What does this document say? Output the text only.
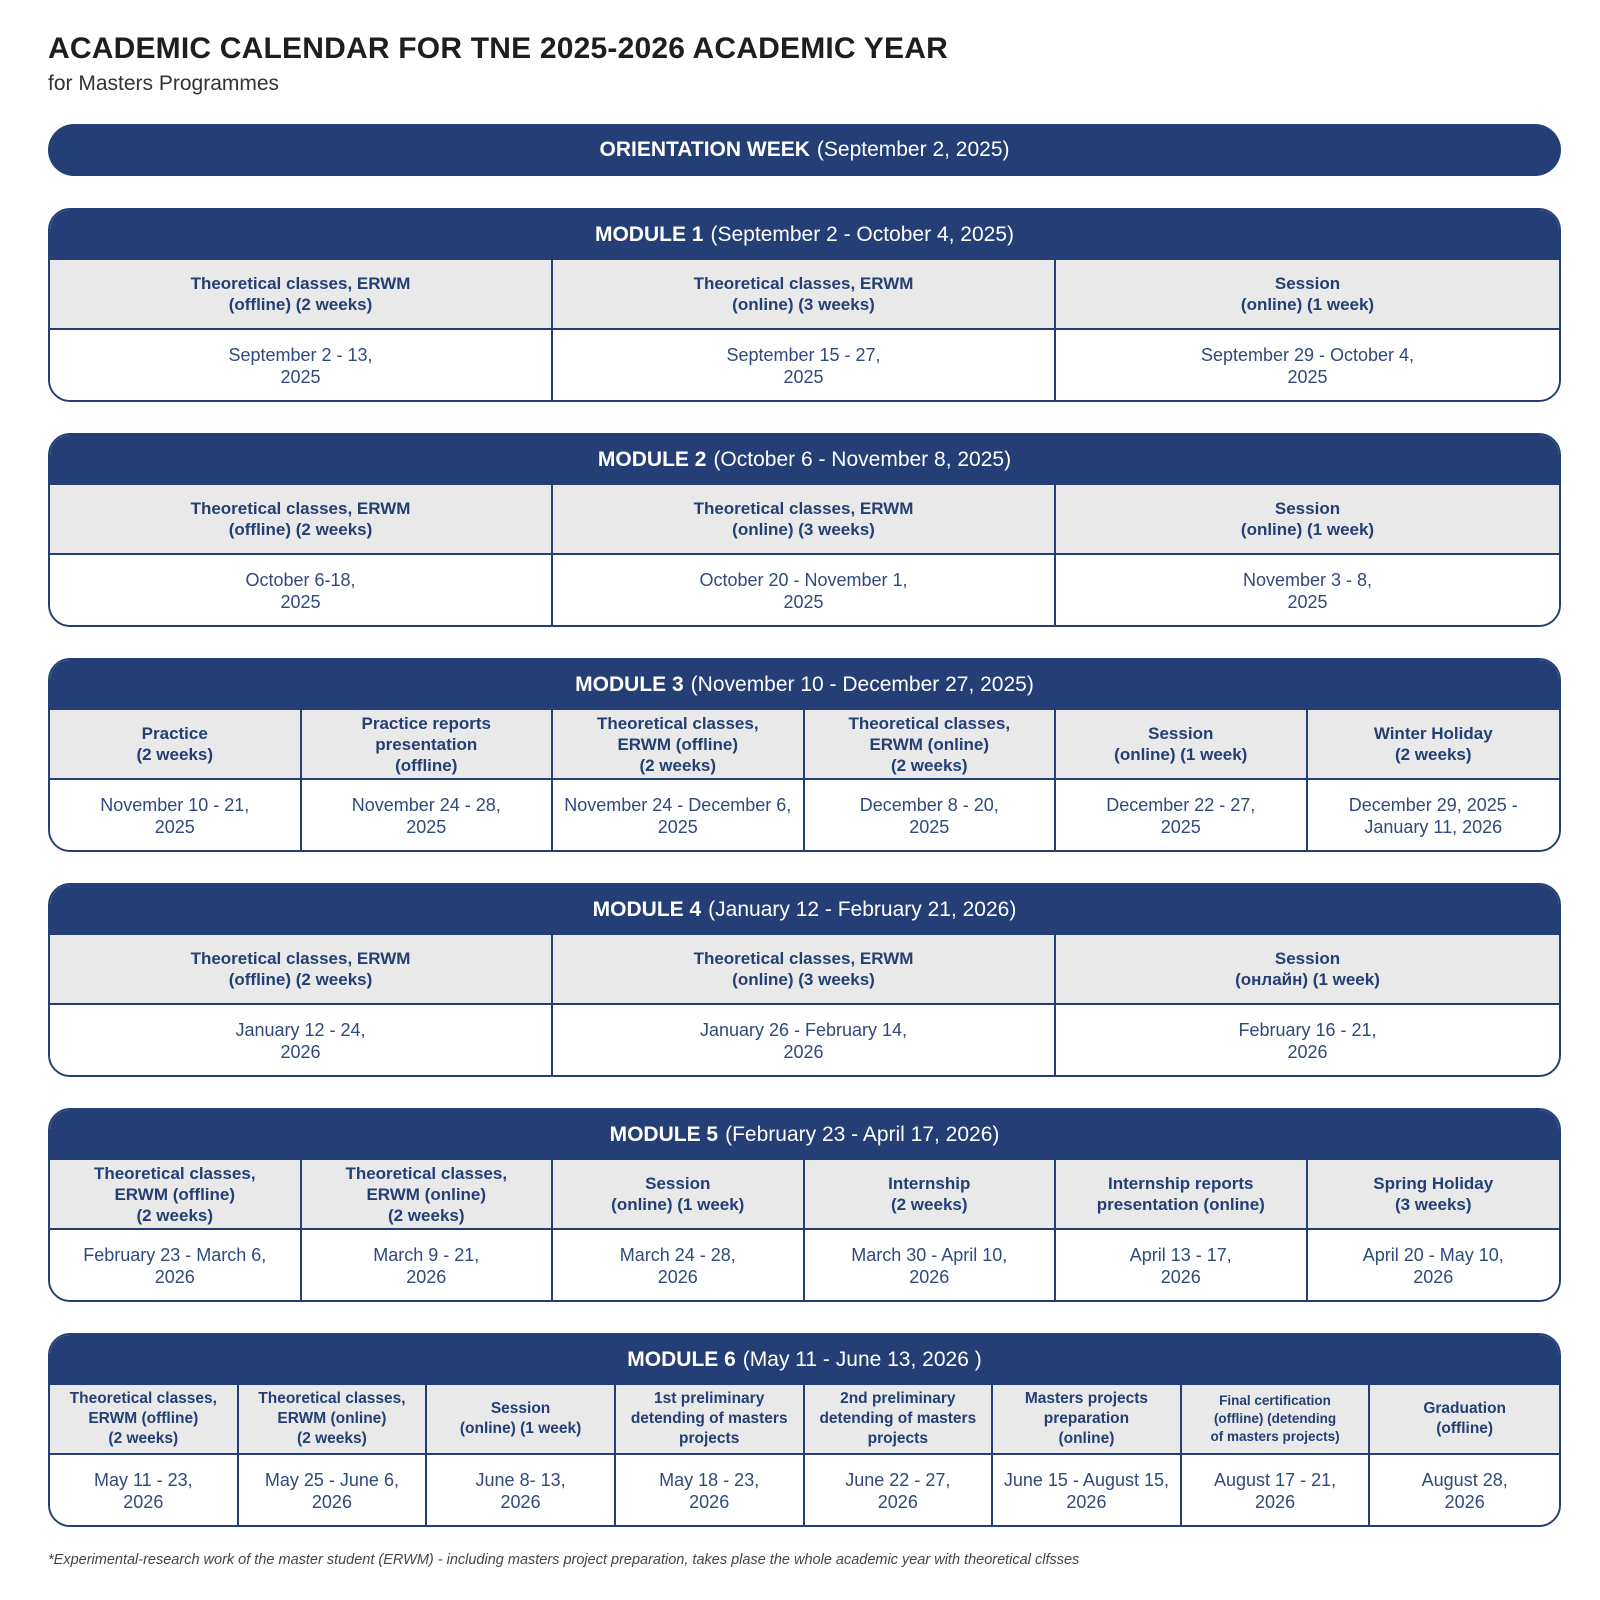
ACADEMIC CALENDAR FOR TNE 2025-2026 ACADEMIC YEAR
for Masters Programmes
ORIENTATION WEEK (September 2, 2025)
MODULE 1 (September 2 - October 4, 2025)
Theoretical classes, ERWM
(offline) (2 weeks)
Theoretical classes, ERWM
(online) (3 weeks)
Session
(online) (1 week)
September 2 - 13,
2025
September 15 - 27,
2025
September 29 - October 4,
2025
MODULE 2 (October 6 - November 8, 2025)
Theoretical classes, ERWM
(offline) (2 weeks)
Theoretical classes, ERWM
(online) (3 weeks)
Session
(online) (1 week)
October 6-18,
2025
October 20 - November 1,
2025
November 3 - 8,
2025
MODULE 3 (November 10 - December 27, 2025)
Practice
(2 weeks)
Practice reports
presentation
(offline)
Theoretical classes,
ERWM (offline)
(2 weeks)
Theoretical classes,
ERWM (online)
(2 weeks)
Session
(online) (1 week)
Winter Holiday
(2 weeks)
November 10 - 21,
2025
November 24 - 28,
2025
November 24 - December 6,
2025
December 8 - 20,
2025
December 22 - 27,
2025
December 29, 2025 -
January 11, 2026
MODULE 4 (January 12 - February 21, 2026)
Theoretical classes, ERWM
(offline) (2 weeks)
Theoretical classes, ERWM
(online) (3 weeks)
Session
(онлайн) (1 week)
January 12 - 24,
2026
January 26 - February 14,
2026
February 16 - 21,
2026
MODULE 5 (February 23 - April 17, 2026)
Theoretical classes,
ERWM (offline)
(2 weeks)
Theoretical classes,
ERWM (online)
(2 weeks)
Session
(online) (1 week)
Internship
(2 weeks)
Internship reports
presentation (online)
Spring Holiday
(3 weeks)
February 23 - March 6,
2026
March 9 - 21,
2026
March 24 - 28,
2026
March 30 - April 10,
2026
April 13 - 17,
2026
April 20 - May 10,
2026
MODULE 6 (May 11 - June 13, 2026 )
Theoretical classes,
ERWM (offline)
(2 weeks)
Theoretical classes,
ERWM (online)
(2 weeks)
Session
(online) (1 week)
1st preliminary
detending of masters
projects
2nd preliminary
detending of masters
projects
Masters projects
preparation
(online)
Final certification
(offline) (detending
of masters projects)
Graduation
(offline)
May 11 - 23,
2026
May 25 - June 6,
2026
June 8- 13,
2026
May 18 - 23,
2026
June 22 - 27,
2026
June 15 - August 15,
2026
August 17 - 21,
2026
August 28,
2026
*Experimental-research work of the master student (ERWM) - including masters project preparation, takes plase the whole academic year with theoretical clfsses
